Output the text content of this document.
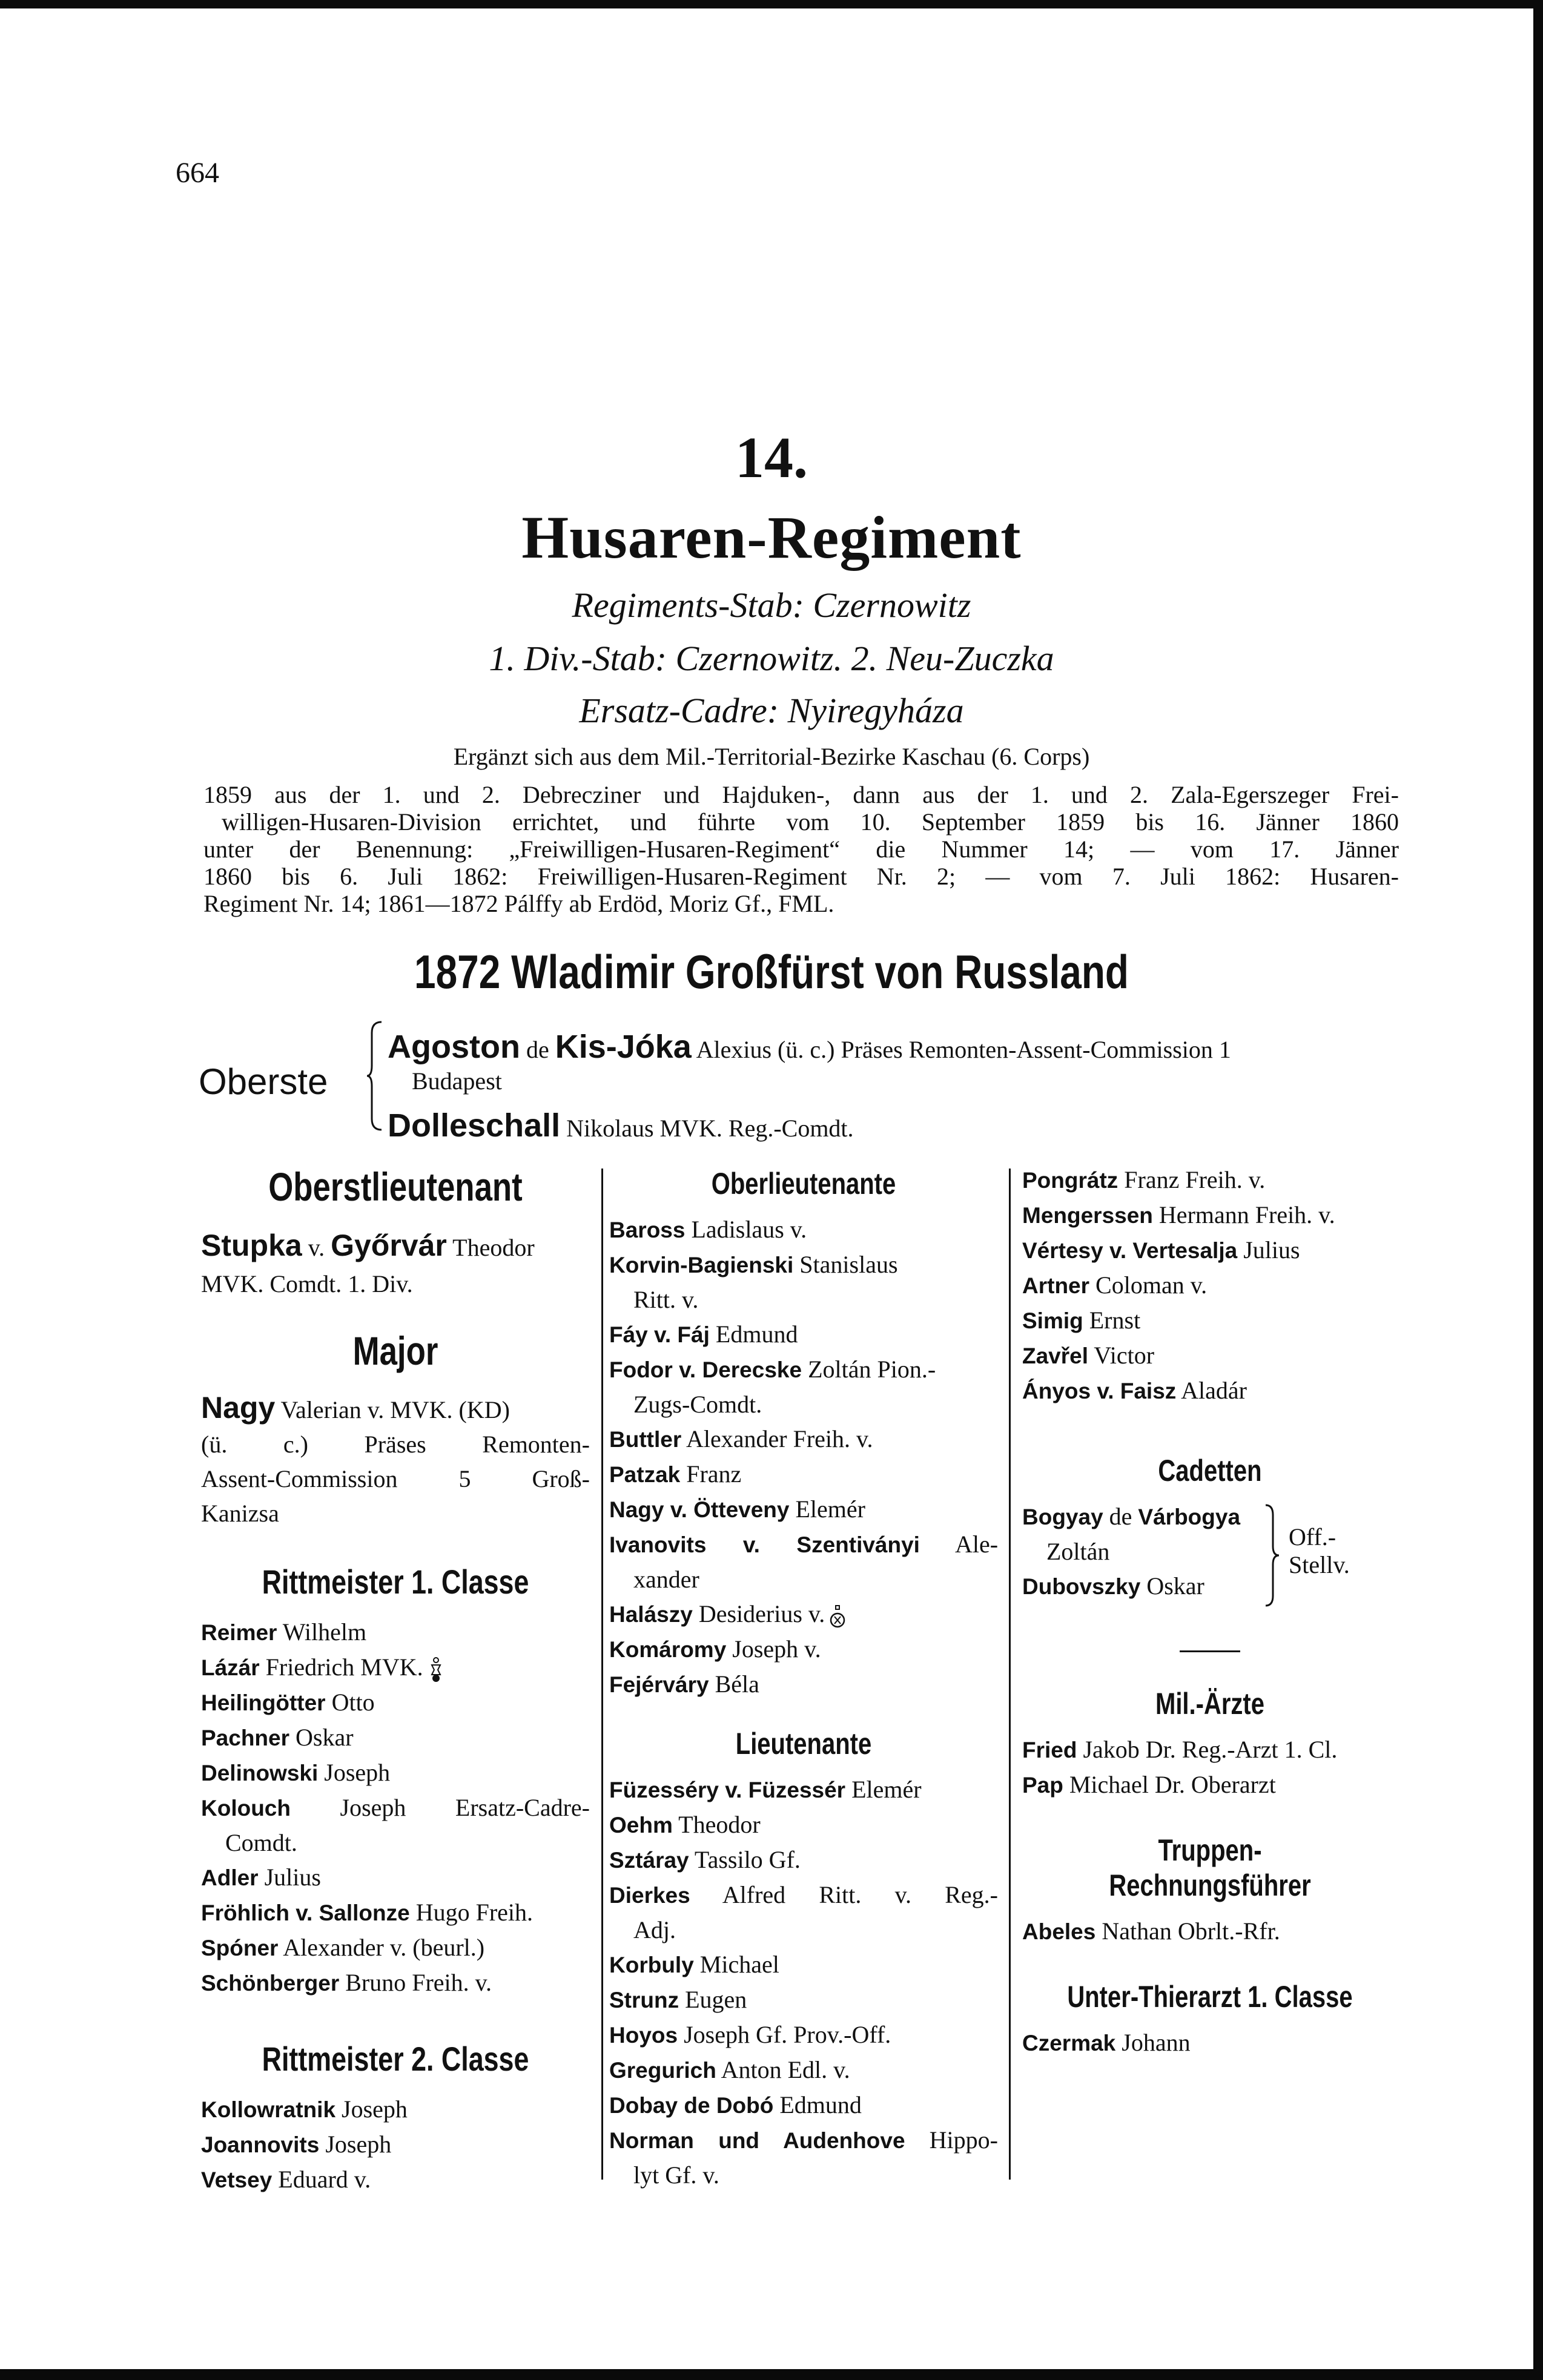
664
14.
Husaren-Regiment
Regiments-Stab: Czernowitz
1. Div.-Stab: Czernowitz. 2. Neu-Zuczka
Ersatz-Cadre: Nyiregyháza
Ergänzt sich aus dem Mil.-Territorial-Bezirke Kaschau (6. Corps)
1859 aus der 1. und 2. Debrecziner und Hajduken-, dann aus der 1. und 2. Zala-Egerszeger Frei-
willigen-Husaren-Division errichtet, und führte vom 10. September 1859 bis 16. Jänner 1860
unter der Benennung: „Freiwilligen-Husaren-Regiment“ die Nummer 14; — vom 17. Jänner
1860 bis 6. Juli 1862: Freiwilligen-Husaren-Regiment Nr. 2; — vom 7. Juli 1862: Husaren-
Regiment Nr. 14; 1861—1872 Pálffy ab Erdöd, Moriz Gf., FML.
1872 Wladimir Großfürst von Russland
Oberste
Agoston de Kis-Jóka Alexius (ü. c.) Präses Remonten-Assent-Commission 1
Budapest
Dolleschall Nikolaus MVK. Reg.-Comdt.
Oberstlieutenant
Stupka v. Győrvár Theodor
MVK. Comdt. 1. Div.
Major
Nagy Valerian v. MVK. (KD)
(ü. c.) Präses Remonten-
Assent-Commission 5 Groß-
Kanizsa
Rittmeister 1. Classe
Reimer Wilhelm
Lázár Friedrich MVK.
Heilingötter Otto
Pachner Oskar
Delinowski Joseph
Kolouch Joseph Ersatz-Cadre-
Comdt.
Adler Julius
Fröhlich v. Sallonze Hugo Freih.
Spóner Alexander v. (beurl.)
Schönberger Bruno Freih. v.
Rittmeister 2. Classe
Kollowratnik Joseph
Joannovits Joseph
Vetsey Eduard v.
Oberlieutenante
Baross Ladislaus v.
Korvin-Bagienski Stanislaus
Ritt. v.
Fáy v. Fáj Edmund
Fodor v. Derecske Zoltán Pion.-
Zugs-Comdt.
Buttler Alexander Freih. v.
Patzak Franz
Nagy v. Ötteveny Elemér
Ivanovits v. Szentiványi Ale-
xander
Halászy Desiderius v.
Komáromy Joseph v.
Fejérváry Béla
Lieutenante
Füzesséry v. Füzessér Elemér
Oehm Theodor
Sztáray Tassilo Gf.
Dierkes Alfred Ritt. v. Reg.-
Adj.
Korbuly Michael
Strunz Eugen
Hoyos Joseph Gf. Prov.-Off.
Gregurich Anton Edl. v.
Dobay de Dobó Edmund
Norman und Audenhove Hippo-
lyt Gf. v.
Pongrátz Franz Freih. v.
Mengerssen Hermann Freih. v.
Vértesy v. Vertesalja Julius
Artner Coloman v.
Simig Ernst
Zavřel Victor
Ányos v. Faisz Aladár
Cadetten
Bogyay de Várbogya
Zoltán
Dubovszky Oskar
Off.-
Stellv.
Mil.-Ärzte
Fried Jakob Dr. Reg.-Arzt 1. Cl.
Pap Michael Dr. Oberarzt
Truppen-Rechnungsführer
Abeles Nathan Obrlt.-Rfr.
Unter-Thierarzt 1. Classe
Czermak Johann
